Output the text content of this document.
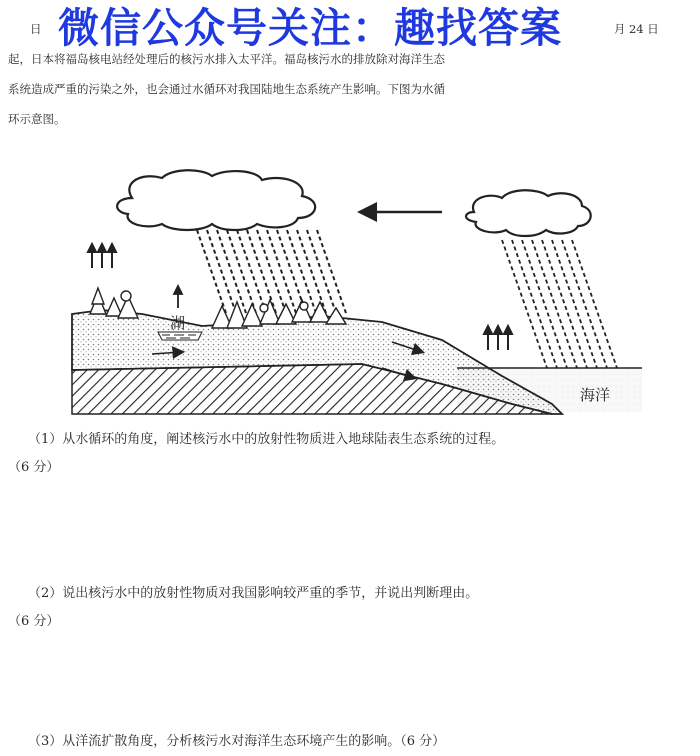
日	月 24 日

起，日本将福岛核电站经处理后的核污水排入太平洋。福岛核污水的排放除对海洋生态

系统造成严重的污染之外，也会通过水循环对我国陆地生态系统产生影响。下图为水循

环示意图。

微信公众号关注：趣找答案
湖
海洋
（1）从水循环的角度，阐述核污水中的放射性物质进入地球陆表生态系统的过程。
（6 分）
（2）说出核污水中的放射性物质对我国影响较严重的季节，并说出判断理由。
（6 分）
（3）从洋流扩散角度，分析核污水对海洋生态环境产生的影响。（6 分）
